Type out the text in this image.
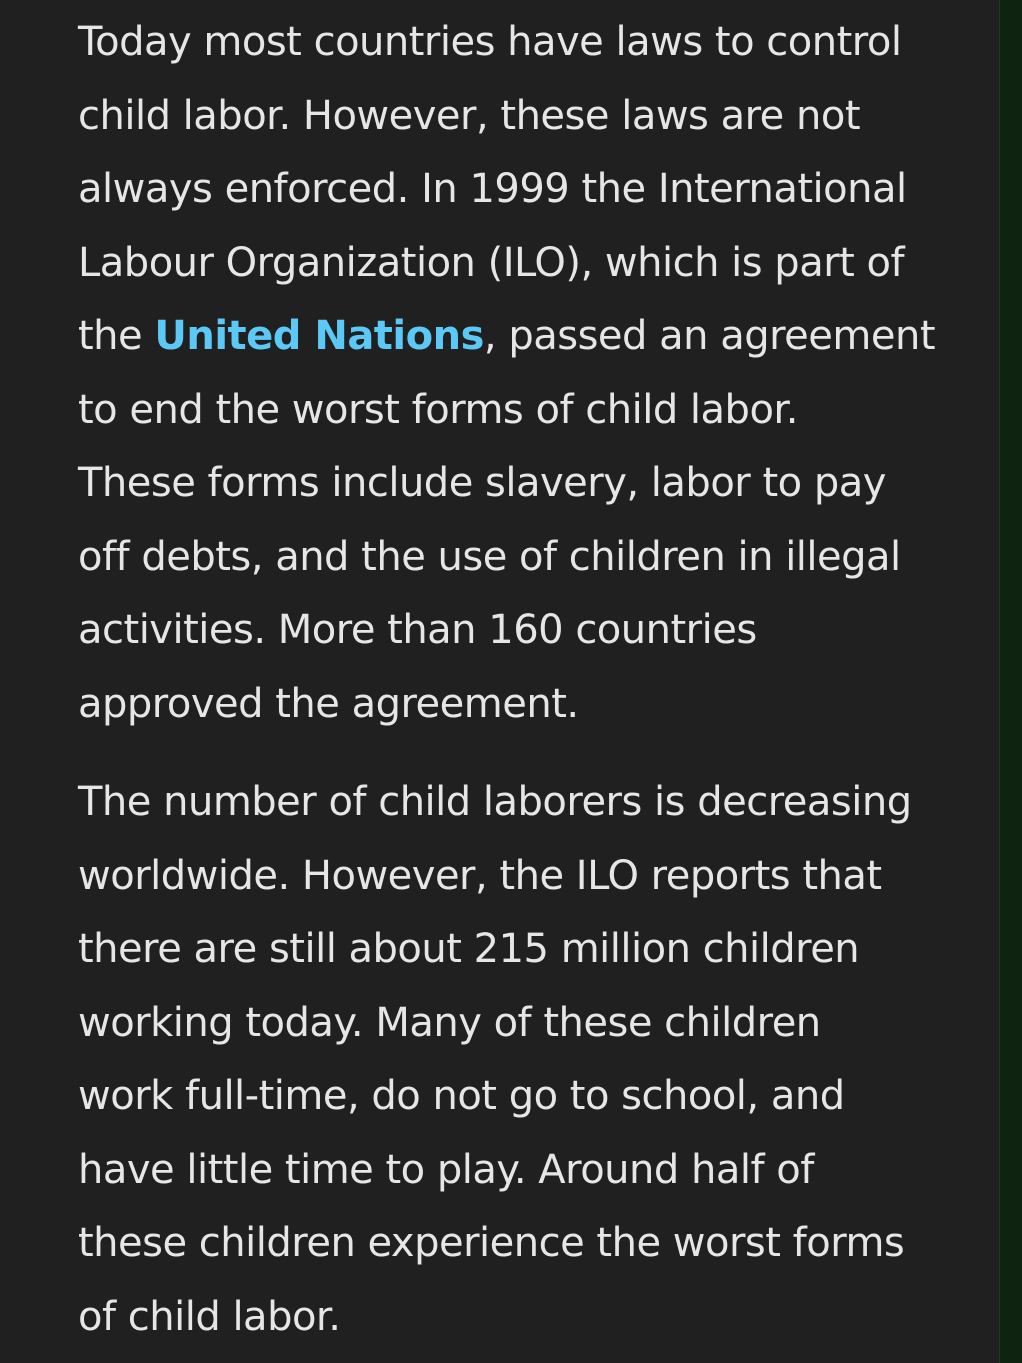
Today most countries have laws to control
child labor. However, these laws are not
always enforced. In 1999 the International
Labour Organization (ILO), which is part of
the United Nations, passed an agreement
to end the worst forms of child labor.
These forms include slavery, labor to pay
off debts, and the use of children in illegal
activities. More than 160 countries
approved the agreement.

The number of child laborers is decreasing
worldwide. However, the ILO reports that
there are still about 215 million children
working today. Many of these children
work full-time, do not go to school, and
have little time to play. Around half of
these children experience the worst forms
of child labor.
